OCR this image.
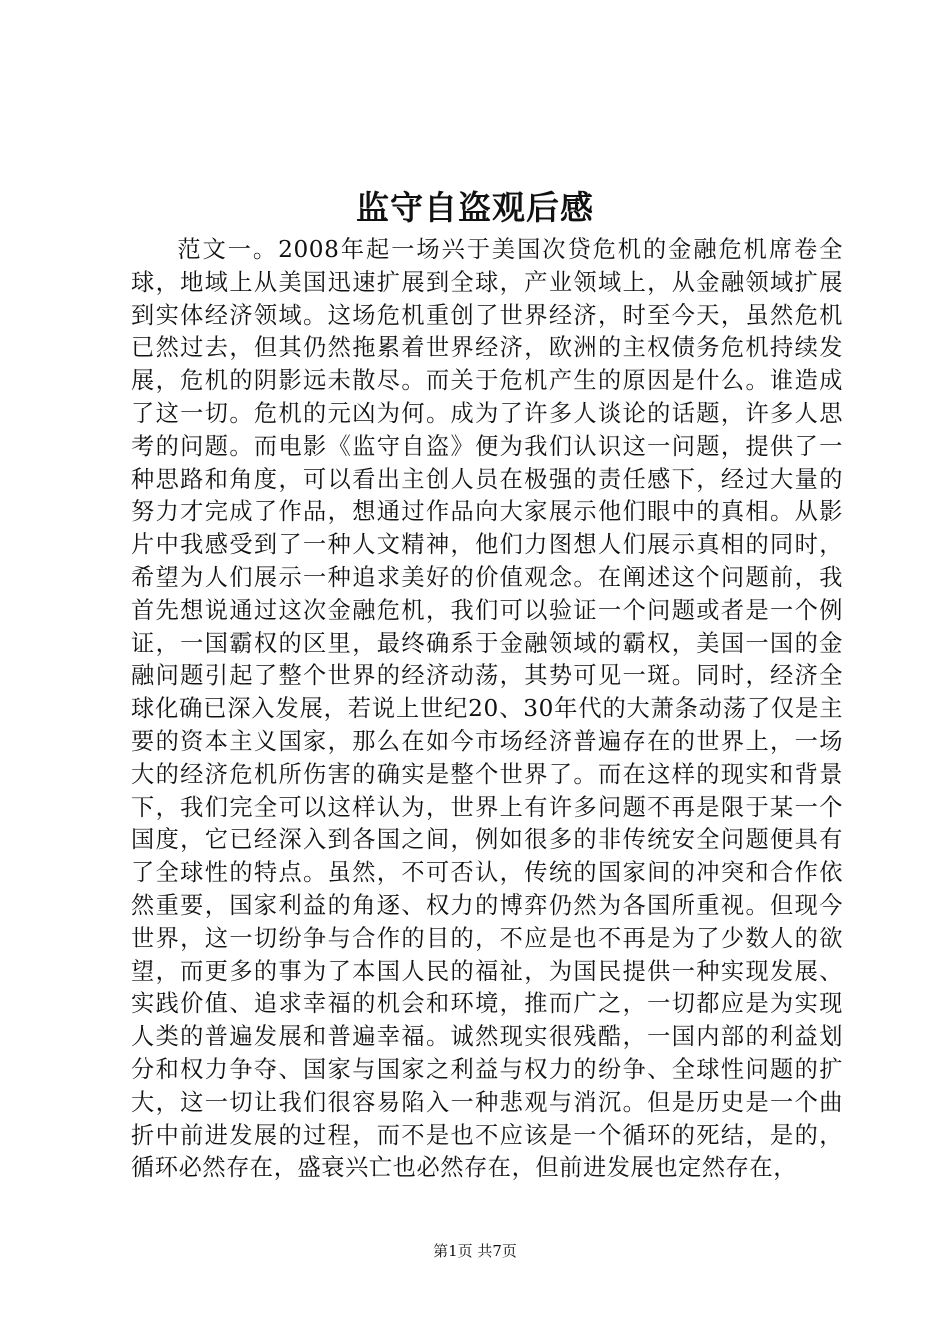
监守自盗观后感

范文一。2008年起一场兴于美国次贷危机的金融危机席卷全球，地域上从美国迅速扩展到全球，产业领域上，从金融领域扩展到实体经济领域。这场危机重创了世界经济，时至今天，虽然危机已然过去，但其仍然拖累着世界经济，欧洲的主权债务危机持续发展，危机的阴影远未散尽。而关于危机产生的原因是什么。谁造成了这一切。危机的元凶为何。成为了许多人谈论的话题，许多人思考的问题。而电影《监守自盗》便为我们认识这一问题，提供了一种思路和角度，可以看出主创人员在极强的责任感下，经过大量的努力才完成了作品，想通过作品向大家展示他们眼中的真相。从影片中我感受到了一种人文精神，他们力图想人们展示真相的同时，希望为人们展示一种追求美好的价值观念。在阐述这个问题前，我首先想说通过这次金融危机，我们可以验证一个问题或者是一个例证，一国霸权的区里，最终确系于金融领域的霸权，美国一国的金融问题引起了整个世界的经济动荡，其势可见一斑。同时，经济全球化确已深入发展，若说上世纪20、30年代的大萧条动荡了仅是主要的资本主义国家，那么在如今市场经济普遍存在的世界上，一场大的经济危机所伤害的确实是整个世界了。而在这样的现实和背景下，我们完全可以这样认为，世界上有许多问题不再是限于某一个国度，它已经深入到各国之间，例如很多的非传统安全问题便具有了全球性的特点。虽然，不可否认，传统的国家间的冲突和合作依然重要，国家利益的角逐、权力的博弈仍然为各国所重视。但现今世界，这一切纷争与合作的目的，不应是也不再是为了少数人的欲望，而更多的事为了本国人民的福祉，为国民提供一种实现发展、实践价值、追求幸福的机会和环境，推而广之，一切都应是为实现人类的普遍发展和普遍幸福。诚然现实很残酷，一国内部的利益划分和权力争夺、国家与国家之利益与权力的纷争、全球性问题的扩大，这一切让我们很容易陷入一种悲观与消沉。但是历史是一个曲折中前进发展的过程，而不是也不应该是一个循环的死结，是的，循环必然存在，盛衰兴亡也必然存在，但前进发展也定然存在，

第1页 共7页
